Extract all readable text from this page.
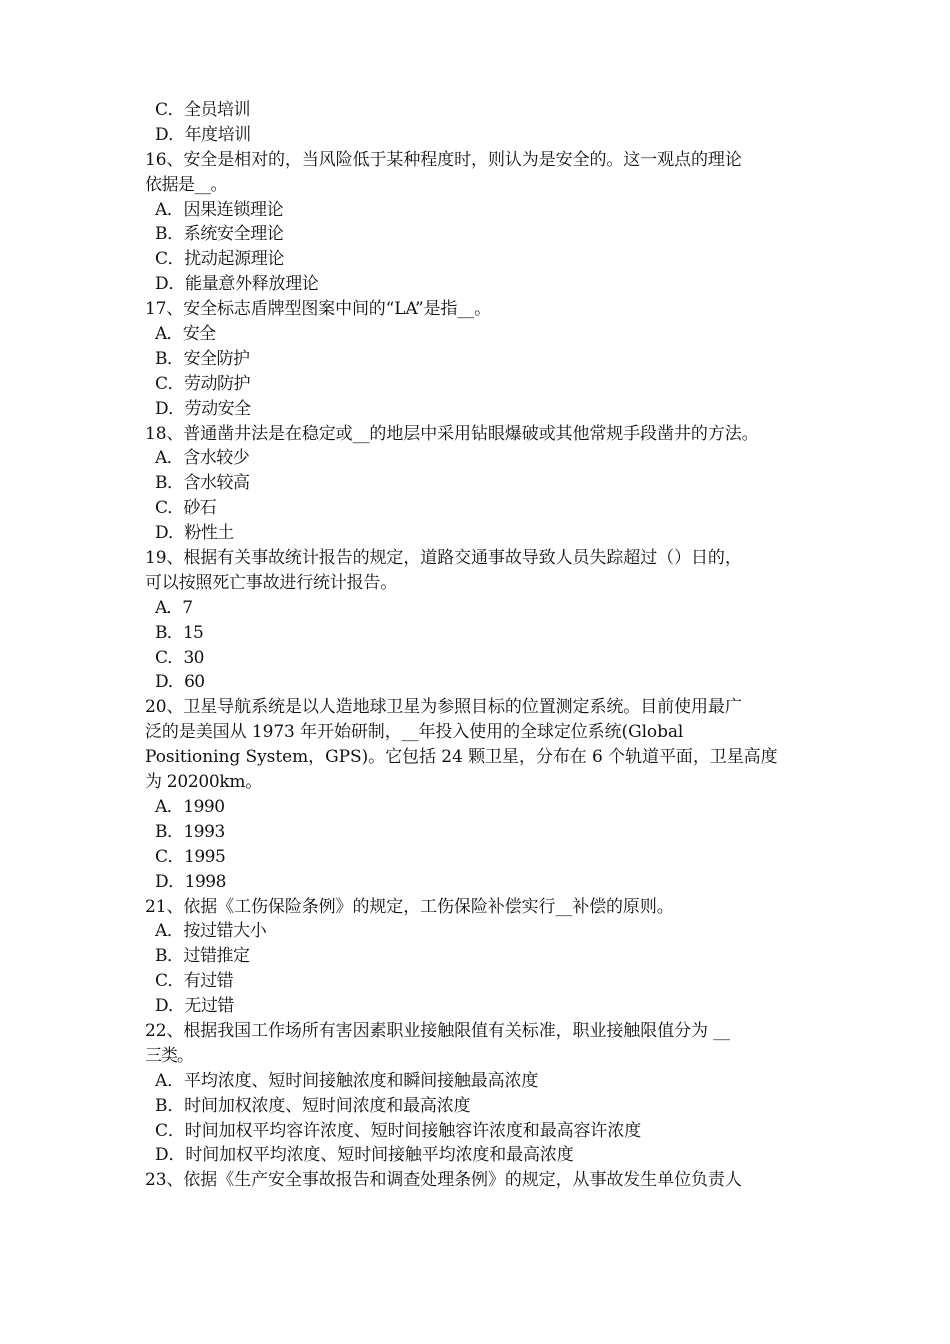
C．全员培训
D．年度培训
16、安全是相对的，当风险低于某种程度时，则认为是安全的。这一观点的理论
依据是__。
A．因果连锁理论
B．系统安全理论
C．扰动起源理论
D．能量意外释放理论
17、安全标志盾牌型图案中间的“LA”是指__。
A．安全
B．安全防护
C．劳动防护
D．劳动安全
18、普通凿井法是在稳定或__的地层中采用钻眼爆破或其他常规手段凿井的方法。
A．含水较少
B．含水较高
C．砂石
D．粉性土
19、根据有关事故统计报告的规定，道路交通事故导致人员失踪超过（）日的，
可以按照死亡事故进行统计报告。
A．7
B．15
C．30
D．60
20、卫星导航系统是以人造地球卫星为参照目标的位置测定系统。目前使用最广
泛的是美国从 1973 年开始研制，__年投入使用的全球定位系统(Global
Positioning System，GPS)。它包括 24 颗卫星，分布在 6 个轨道平面，卫星高度
为 20200km。
A．1990
B．1993
C．1995
D．1998
21、依据《工伤保险条例》的规定，工伤保险补偿实行__补偿的原则。
A．按过错大小
B．过错推定
C．有过错
D．无过错
22、根据我国工作场所有害因素职业接触限值有关标准，职业接触限值分为 __
三类。
A．平均浓度、短时间接触浓度和瞬间接触最高浓度
B．时间加权浓度、短时间浓度和最高浓度
C．时间加权平均容许浓度、短时间接触容许浓度和最高容许浓度
D．时间加权平均浓度、短时间接触平均浓度和最高浓度
23、依据《生产安全事故报告和调查处理条例》的规定，从事故发生单位负责人
